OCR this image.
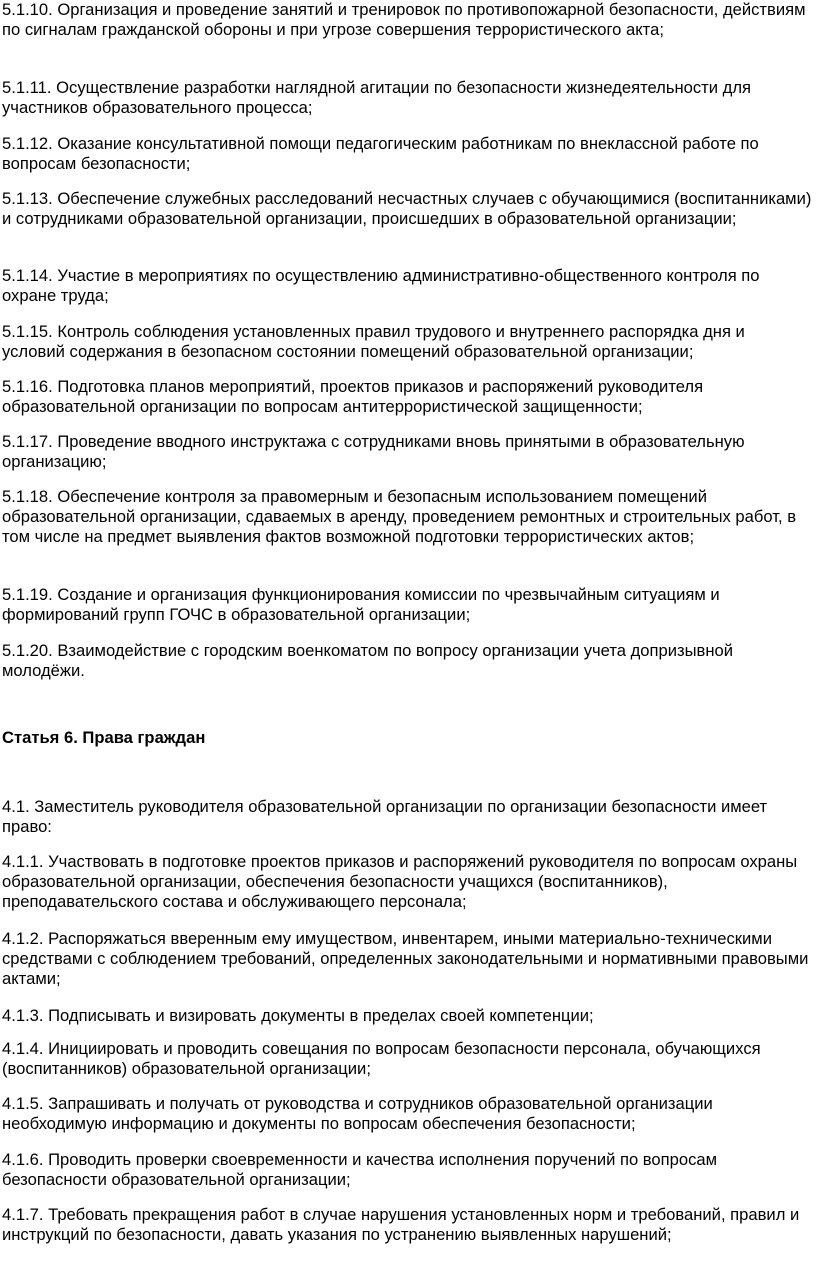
5.1.10. Организация и проведение занятий и тренировок по противопожарной безопасности, действиям по сигналам гражданской обороны и при угрозе совершения террористического акта;

5.1.11. Осуществление разработки наглядной агитации по безопасности жизнедеятельности для участников образовательного процесса;

5.1.12. Оказание консультативной помощи педагогическим работникам по внеклассной работе по вопросам безопасности;

5.1.13. Обеспечение служебных расследований несчастных случаев с обучающимися (воспитанниками) и сотрудниками образовательной организации, происшедших в образовательной организации;

5.1.14. Участие в мероприятиях по осуществлению административно-общественного контроля по охране труда;

5.1.15. Контроль соблюдения установленных правил трудового и внутреннего распорядка дня и условий содержания в безопасном состоянии помещений образовательной организации;

5.1.16. Подготовка планов мероприятий, проектов приказов и распоряжений руководителя образовательной организации по вопросам антитеррористической защищенности;

5.1.17. Проведение вводного инструктажа с сотрудниками вновь принятыми в образовательную организацию;

5.1.18. Обеспечение контроля за правомерным и безопасным использованием помещений образовательной организации, сдаваемых в аренду, проведением ремонтных и строительных работ, в том числе на предмет выявления фактов возможной подготовки террористических актов;

5.1.19. Создание и организация функционирования комиссии по чрезвычайным ситуациям и формирований групп ГОЧС в образовательной организации;

5.1.20. Взаимодействие с городским военкоматом по вопросу организации учета допризывной молодёжи.

Статья 6. Права граждан

4.1. Заместитель руководителя образовательной организации по организации безопасности имеет право:

4.1.1. Участвовать в подготовке проектов приказов и распоряжений руководителя по вопросам охраны образовательной организации, обеспечения безопасности учащихся (воспитанников), преподавательского состава и обслуживающего персонала;

4.1.2. Распоряжаться вверенным ему имуществом, инвентарем, иными материально-техническими средствами с соблюдением требований, определенных законодательными и нормативными правовыми актами;

4.1.3. Подписывать и визировать документы в пределах своей компетенции;

4.1.4. Инициировать и проводить совещания по вопросам безопасности персонала, обучающихся (воспитанников) образовательной организации;

4.1.5. Запрашивать и получать от руководства и сотрудников образовательной организации необходимую информацию и документы по вопросам обеспечения безопасности;

4.1.6. Проводить проверки своевременности и качества исполнения поручений по вопросам безопасности образовательной организации;

4.1.7. Требовать прекращения работ в случае нарушения установленных норм и требований, правил и инструкций по безопасности, давать указания по устранению выявленных нарушений;
